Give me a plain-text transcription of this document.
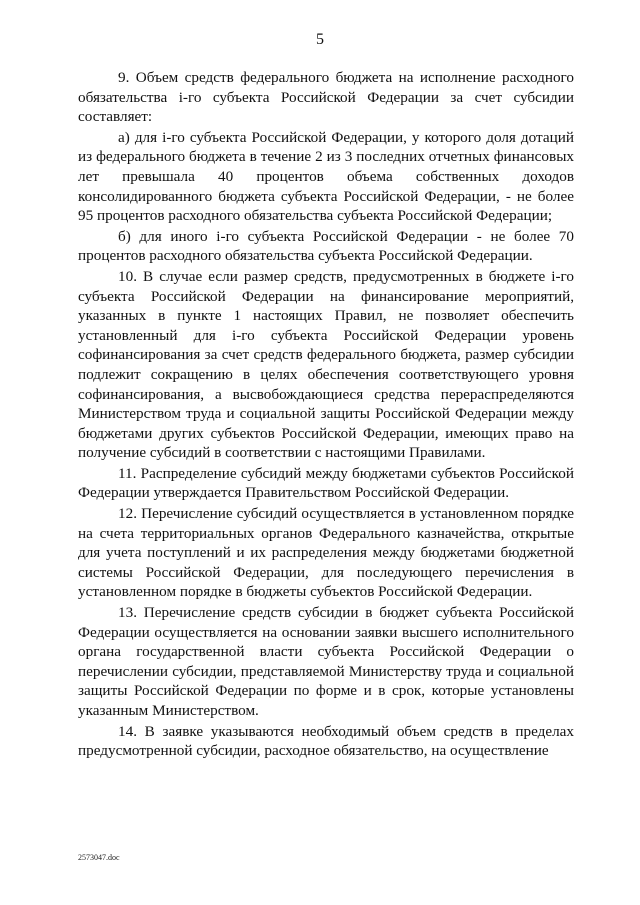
5

9. Объем средств федерального бюджета на исполнение расходного обязательства i-го субъекта Российской Федерации за счет субсидии составляет:

а) для i-го субъекта Российской Федерации, у которого доля дотаций из федерального бюджета в течение 2 из 3 последних отчетных финансовых лет превышала 40 процентов объема собственных доходов консолидированного бюджета субъекта Российской Федерации, - не более 95 процентов расходного обязательства субъекта Российской Федерации;

б) для иного i-го субъекта Российской Федерации - не более 70 процентов расходного обязательства субъекта Российской Федерации.

10. В случае если размер средств, предусмотренных в бюджете i-го субъекта Российской Федерации на финансирование мероприятий, указанных в пункте 1 настоящих Правил, не позволяет обеспечить установленный для i-го субъекта Российской Федерации уровень софинансирования за счет средств федерального бюджета, размер субсидии подлежит сокращению в целях обеспечения соответствующего уровня софинансирования, а высвобождающиеся средства перераспределяются Министерством труда и социальной защиты Российской Федерации между бюджетами других субъектов Российской Федерации, имеющих право на получение субсидий в соответствии с настоящими Правилами.

11. Распределение субсидий между бюджетами субъектов Российской Федерации утверждается Правительством Российской Федерации.

12. Перечисление субсидий осуществляется в установленном порядке на счета территориальных органов Федерального казначейства, открытые для учета поступлений и их распределения между бюджетами бюджетной системы Российской Федерации, для последующего перечисления в установленном порядке в бюджеты субъектов Российской Федерации.

13. Перечисление средств субсидии в бюджет субъекта Российской Федерации осуществляется на основании заявки высшего исполнительного органа государственной власти субъекта Российской Федерации о перечислении субсидии, представляемой Министерству труда и социальной защиты Российской Федерации по форме и в срок, которые установлены указанным Министерством.

14. В заявке указываются необходимый объем средств в пределах предусмотренной субсидии, расходное обязательство, на осуществление

2573047.doc
